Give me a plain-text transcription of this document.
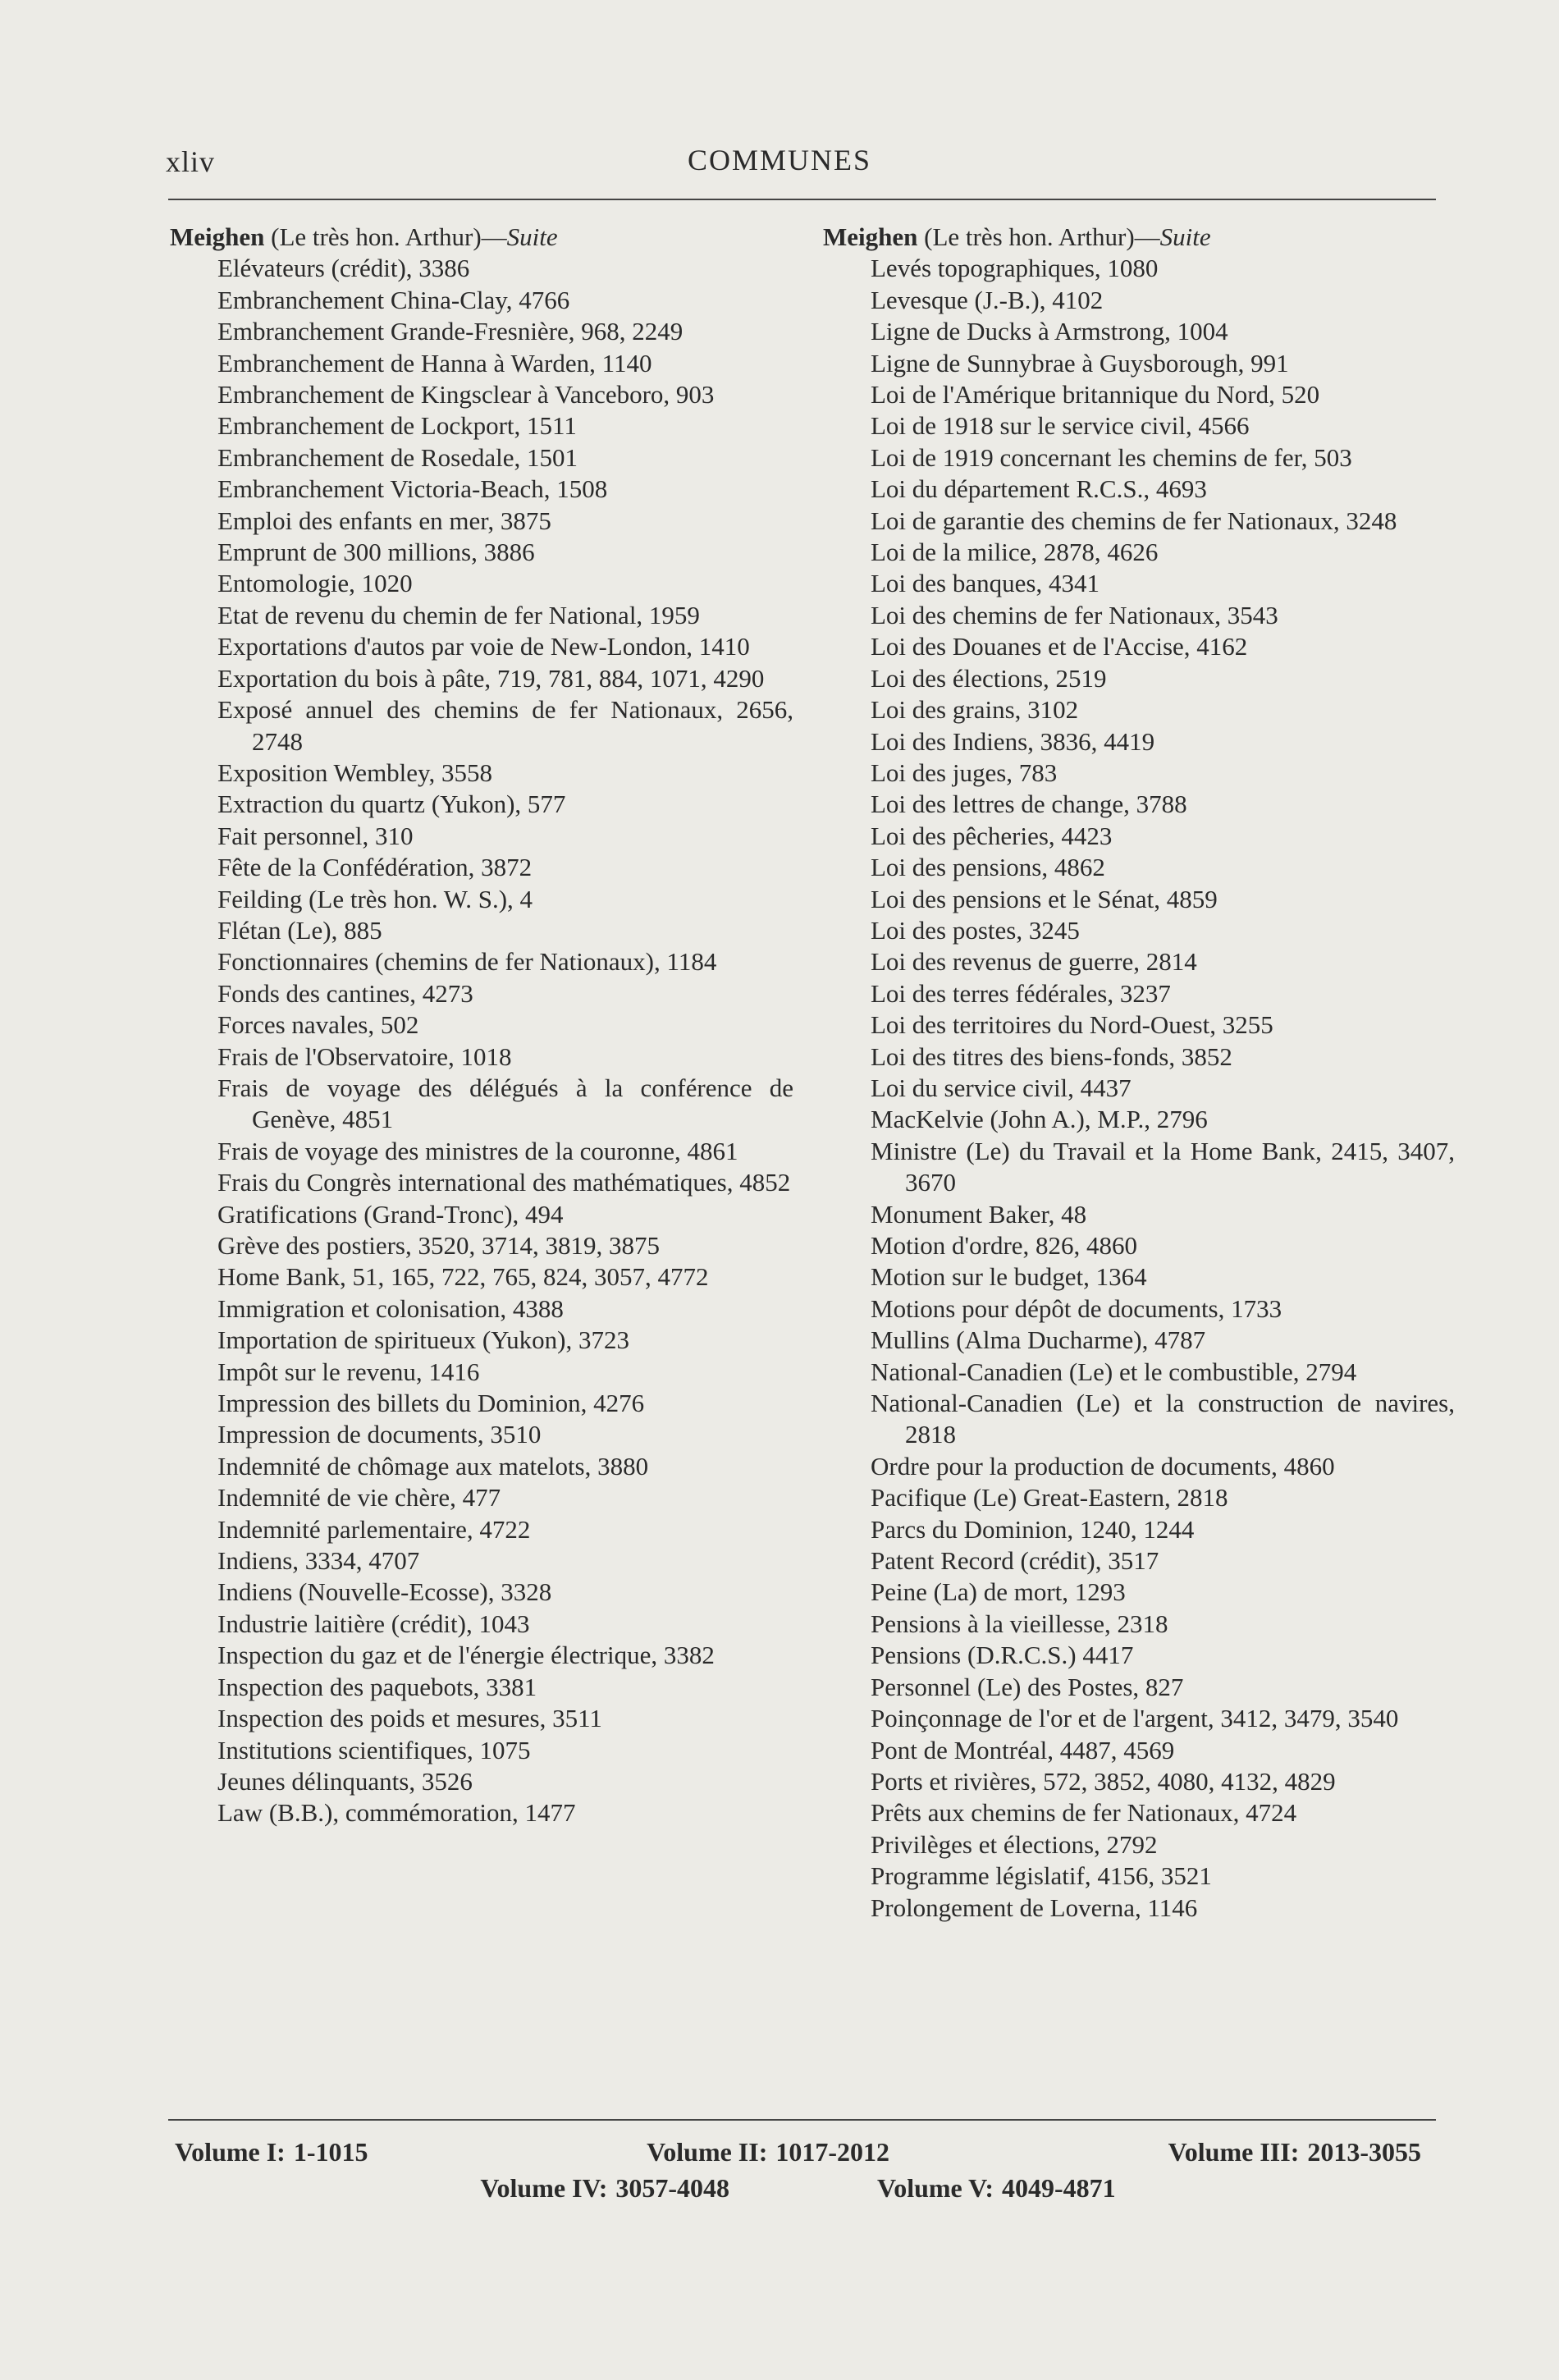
xliv	COMMUNES
Meighen (Le très hon. Arthur)—Suite
Elévateurs (crédit), 3386
Embranchement China-Clay, 4766
Embranchement Grande-Fresnière, 968, 2249
Embranchement de Hanna à Warden, 1140
Embranchement de Kingsclear à Vanceboro, 903
Embranchement de Lockport, 1511
Embranchement de Rosedale, 1501
Embranchement Victoria-Beach, 1508
Emploi des enfants en mer, 3875
Emprunt de 300 millions, 3886
Entomologie, 1020
Etat de revenu du chemin de fer National, 1959
Exportations d'autos par voie de New-London, 1410
Exportation du bois à pâte, 719, 781, 884, 1071, 4290
Exposé annuel des chemins de fer Nationaux, 2656, 2748
Exposition Wembley, 3558
Extraction du quartz (Yukon), 577
Fait personnel, 310
Fête de la Confédération, 3872
Feilding (Le très hon. W. S.), 4
Flétan (Le), 885
Fonctionnaires (chemins de fer Nationaux), 1184
Fonds des cantines, 4273
Forces navales, 502
Frais de l'Observatoire, 1018
Frais de voyage des délégués à la conférence de Genève, 4851
Frais de voyage des ministres de la couronne, 4861
Frais du Congrès international des mathématiques, 4852
Gratifications (Grand-Tronc), 494
Grève des postiers, 3520, 3714, 3819, 3875
Home Bank, 51, 165, 722, 765, 824, 3057, 4772
Immigration et colonisation, 4388
Importation de spiritueux (Yukon), 3723
Impôt sur le revenu, 1416
Impression des billets du Dominion, 4276
Impression de documents, 3510
Indemnité de chômage aux matelots, 3880
Indemnité de vie chère, 477
Indemnité parlementaire, 4722
Indiens, 3334, 4707
Indiens (Nouvelle-Ecosse), 3328
Industrie laitière (crédit), 1043
Inspection du gaz et de l'énergie électrique, 3382
Inspection des paquebots, 3381
Inspection des poids et mesures, 3511
Institutions scientifiques, 1075
Jeunes délinquants, 3526
Law (B.B.), commémoration, 1477
Meighen (Le très hon. Arthur)—Suite
Levés topographiques, 1080
Levesque (J.-B.), 4102
Ligne de Ducks à Armstrong, 1004
Ligne de Sunnybrae à Guysborough, 991
Loi de l'Amérique britannique du Nord, 520
Loi de 1918 sur le service civil, 4566
Loi de 1919 concernant les chemins de fer, 503
Loi du département R.C.S., 4693
Loi de garantie des chemins de fer Nationaux, 3248
Loi de la milice, 2878, 4626
Loi des banques, 4341
Loi des chemins de fer Nationaux, 3543
Loi des Douanes et de l'Accise, 4162
Loi des élections, 2519
Loi des grains, 3102
Loi des Indiens, 3836, 4419
Loi des juges, 783
Loi des lettres de change, 3788
Loi des pêcheries, 4423
Loi des pensions, 4862
Loi des pensions et le Sénat, 4859
Loi des postes, 3245
Loi des revenus de guerre, 2814
Loi des terres fédérales, 3237
Loi des territoires du Nord-Ouest, 3255
Loi des titres des biens-fonds, 3852
Loi du service civil, 4437
MacKelvie (John A.), M.P., 2796
Ministre (Le) du Travail et la Home Bank, 2415, 3407, 3670
Monument Baker, 48
Motion d'ordre, 826, 4860
Motion sur le budget, 1364
Motions pour dépôt de documents, 1733
Mullins (Alma Ducharme), 4787
National-Canadien (Le) et le combustible, 2794
National-Canadien (Le) et la construction de navires, 2818
Ordre pour la production de documents, 4860
Pacifique (Le) Great-Eastern, 2818
Parcs du Dominion, 1240, 1244
Patent Record (crédit), 3517
Peine (La) de mort, 1293
Pensions à la vieillesse, 2318
Pensions (D.R.C.S.) 4417
Personnel (Le) des Postes, 827
Poinçonnage de l'or et de l'argent, 3412, 3479, 3540
Pont de Montréal, 4487, 4569
Ports et rivières, 572, 3852, 4080, 4132, 4829
Prêts aux chemins de fer Nationaux, 4724
Privilèges et élections, 2792
Programme législatif, 4156, 3521
Prolongement de Loverna, 1146
Volume I: 1-1015	Volume II: 1017-2012	Volume III: 2013-3055
Volume IV: 3057-4048	Volume V: 4049-4871
